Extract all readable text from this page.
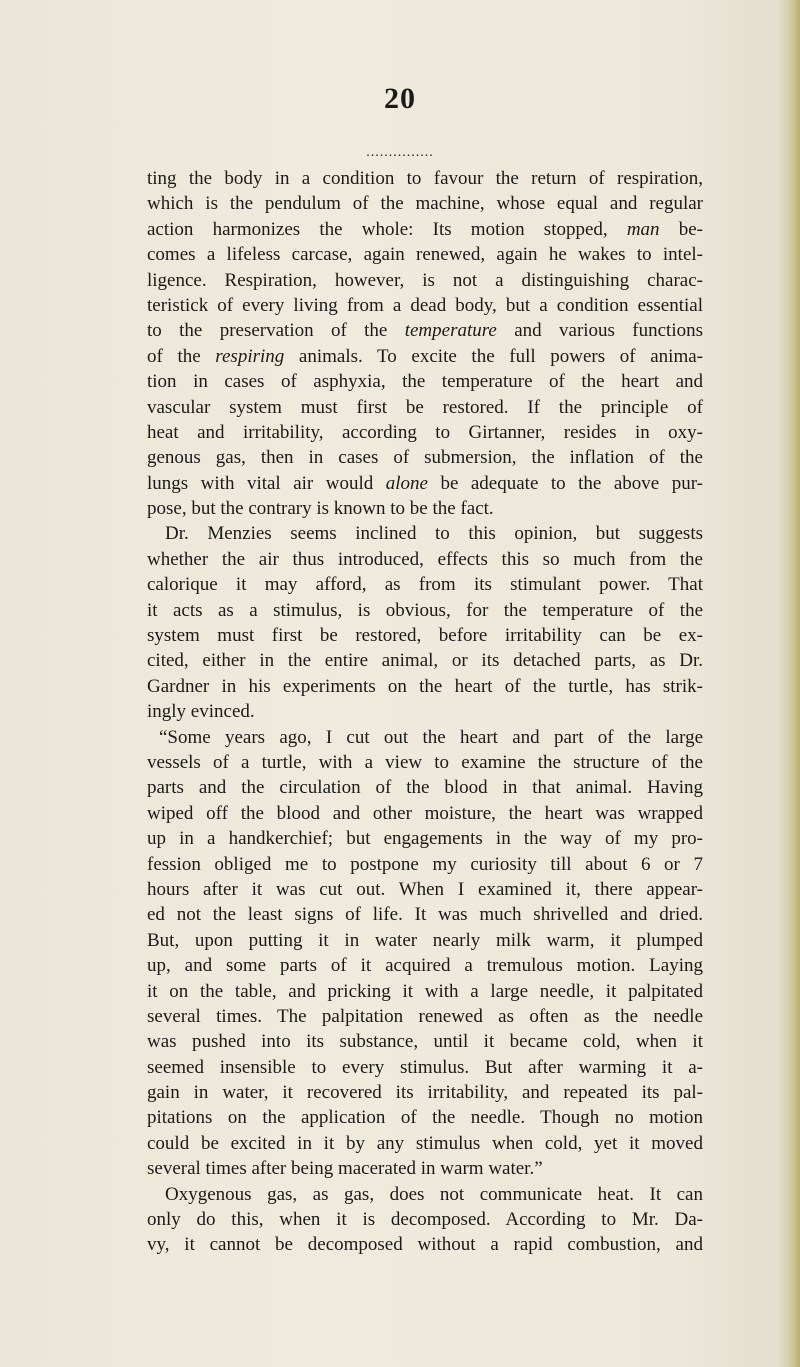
20
...............
ting the body in a condition to favour the return of respiration,
which is the pendulum of the machine, whose equal and regular
action harmonizes the whole: Its motion stopped, man be-
comes a lifeless carcase, again renewed, again he wakes to intel-
ligence. Respiration, however, is not a distinguishing charac-
teristick of every living from a dead body, but a condition essential
to the preservation of the temperature and various functions
of the respiring animals. To excite the full powers of anima-
tion in cases of asphyxia, the temperature of the heart and
vascular system must first be restored. If the principle of
heat and irritability, according to Girtanner, resides in oxy-
genous gas, then in cases of submersion, the inflation of the
lungs with vital air would alone be adequate to the above pur-
pose, but the contrary is known to be the fact.
Dr. Menzies seems inclined to this opinion, but suggests
whether the air thus introduced, effects this so much from the
calorique it may afford, as from its stimulant power. That
it acts as a stimulus, is obvious, for the temperature of the
system must first be restored, before irritability can be ex-
cited, either in the entire animal, or its detached parts, as Dr.
Gardner in his experiments on the heart of the turtle, has strik-
ingly evinced.
“Some years ago, I cut out the heart and part of the large
vessels of a turtle, with a view to examine the structure of the
parts and the circulation of the blood in that animal. Having
wiped off the blood and other moisture, the heart was wrapped
up in a handkerchief; but engagements in the way of my pro-
fession obliged me to postpone my curiosity till about 6 or 7
hours after it was cut out. When I examined it, there appear-
ed not the least signs of life. It was much shrivelled and dried.
But, upon putting it in water nearly milk warm, it plumped
up, and some parts of it acquired a tremulous motion. Laying
it on the table, and pricking it with a large needle, it palpitated
several times. The palpitation renewed as often as the needle
was pushed into its substance, until it became cold, when it
seemed insensible to every stimulus. But after warming it a-
gain in water, it recovered its irritability, and repeated its pal-
pitations on the application of the needle. Though no motion
could be excited in it by any stimulus when cold, yet it moved
several times after being macerated in warm water.”
Oxygenous gas, as gas, does not communicate heat. It can
only do this, when it is decomposed. According to Mr. Da-
vy, it cannot be decomposed without a rapid combustion, and
